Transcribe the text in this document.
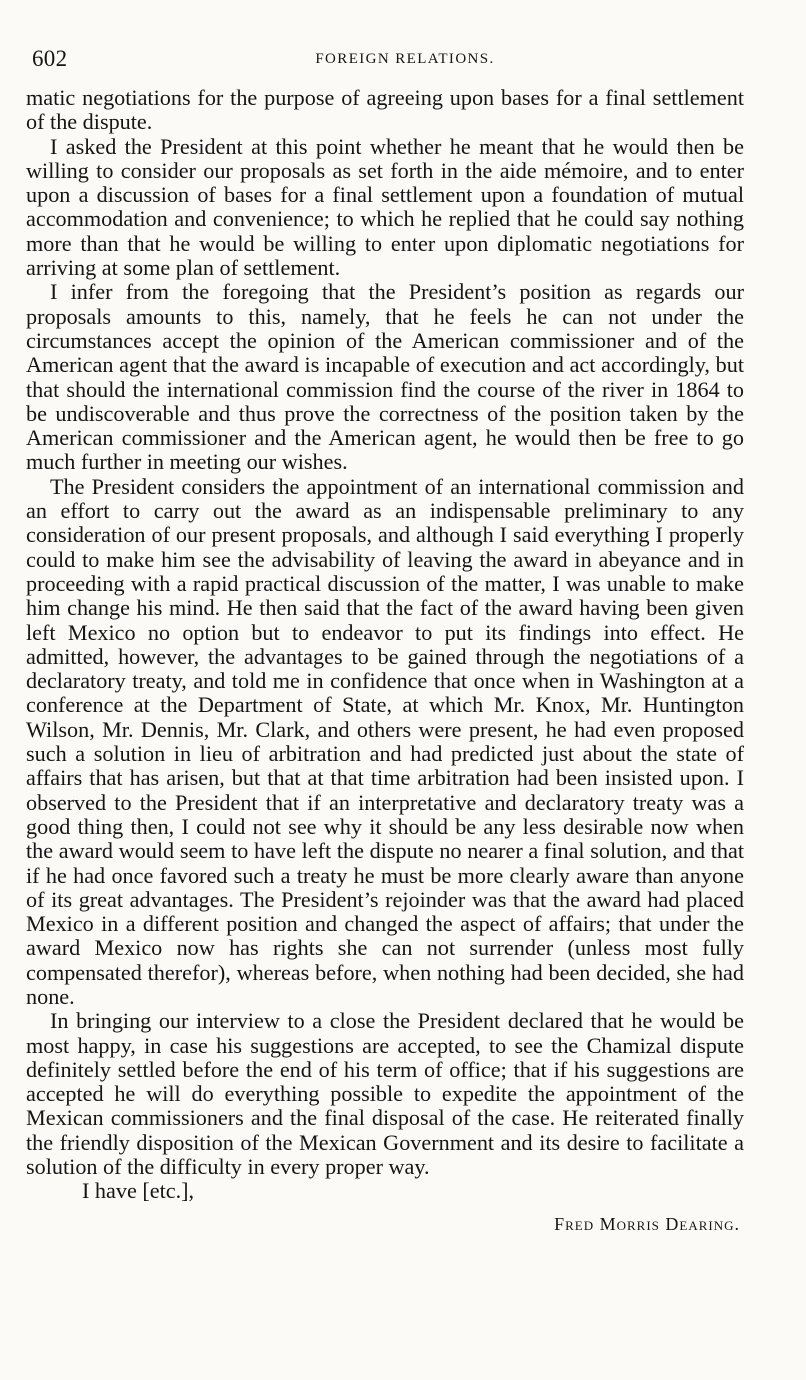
602	FOREIGN RELATIONS.

matic negotiations for the purpose of agreeing upon bases for a final settlement of the dispute.

I asked the President at this point whether he meant that he would then be willing to consider our proposals as set forth in the aide mémoire, and to enter upon a discussion of bases for a final settlement upon a foundation of mutual accommodation and convenience; to which he replied that he could say nothing more than that he would be willing to enter upon diplomatic negotiations for arriving at some plan of settlement.

I infer from the foregoing that the President’s position as regards our proposals amounts to this, namely, that he feels he can not under the circumstances accept the opinion of the American commissioner and of the American agent that the award is incapable of execution and act accordingly, but that should the international commission find the course of the river in 1864 to be undiscoverable and thus prove the correctness of the position taken by the American commissioner and the American agent, he would then be free to go much further in meeting our wishes.

The President considers the appointment of an international commission and an effort to carry out the award as an indispensable preliminary to any consideration of our present proposals, and although I said everything I properly could to make him see the advisability of leaving the award in abeyance and in proceeding with a rapid practical discussion of the matter, I was unable to make him change his mind. He then said that the fact of the award having been given left Mexico no option but to endeavor to put its findings into effect. He admitted, however, the advantages to be gained through the negotiations of a declaratory treaty, and told me in confidence that once when in Washington at a conference at the Department of State, at which Mr. Knox, Mr. Huntington Wilson, Mr. Dennis, Mr. Clark, and others were present, he had even proposed such a solution in lieu of arbitration and had predicted just about the state of affairs that has arisen, but that at that time arbitration had been insisted upon. I observed to the President that if an interpretative and declaratory treaty was a good thing then, I could not see why it should be any less desirable now when the award would seem to have left the dispute no nearer a final solution, and that if he had once favored such a treaty he must be more clearly aware than anyone of its great advantages. The President’s rejoinder was that the award had placed Mexico in a different position and changed the aspect of affairs; that under the award Mexico now has rights she can not surrender (unless most fully compensated therefor), whereas before, when nothing had been decided, she had none.

In bringing our interview to a close the President declared that he would be most happy, in case his suggestions are accepted, to see the Chamizal dispute definitely settled before the end of his term of office; that if his suggestions are accepted he will do everything possible to expedite the appointment of the Mexican commissioners and the final disposal of the case. He reiterated finally the friendly disposition of the Mexican Government and its desire to facilitate a solution of the difficulty in every proper way.

I have [etc.],

Fred Morris Dearing.
